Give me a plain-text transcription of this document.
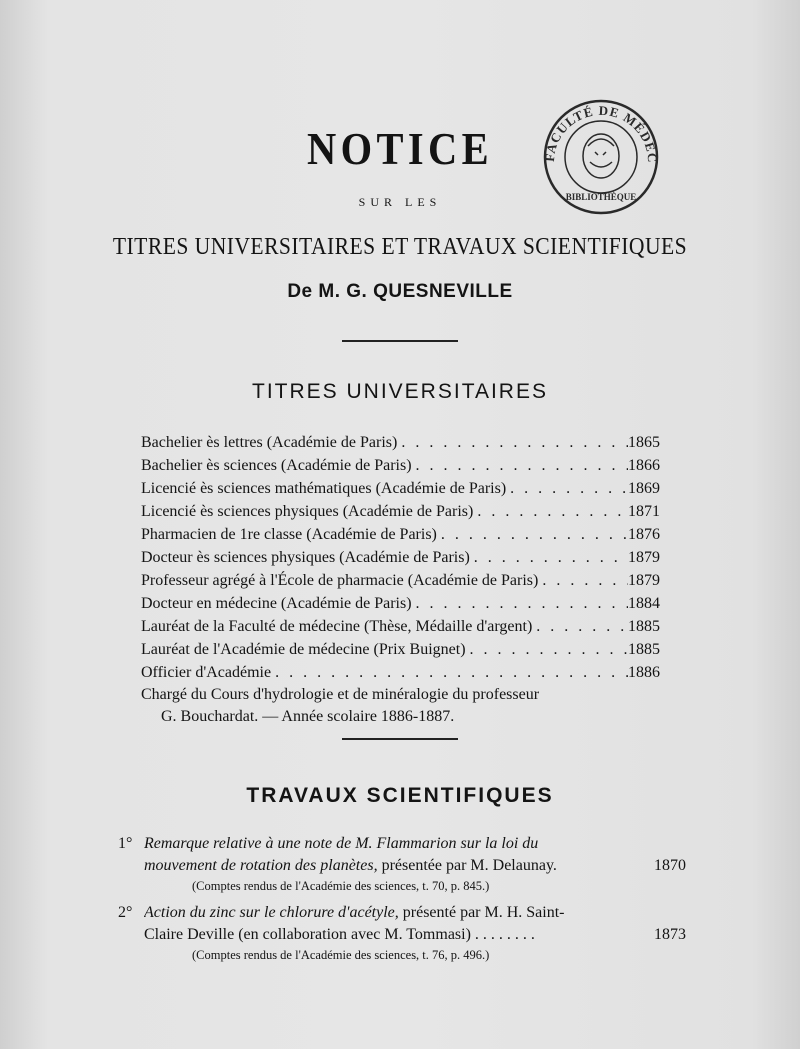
FACULTÉ DE MÉDEC
BIBLIOTHÈQUE
NOTICE
SUR LES
TITRES UNIVERSITAIRES ET TRAVAUX SCIENTIFIQUES
De M. G. QUESNEVILLE
TITRES UNIVERSITAIRES
Bachelier ès lettres (Académie de Paris) . . .	1865
Bachelier ès sciences (Académie de Paris) . . .	1866
Licencié ès sciences mathématiques (Académie de Paris) . . .	1869
Licencié ès sciences physiques (Académie de Paris) . . .	1871
Pharmacien de 1re classe (Académie de Paris) . . .	1876
Docteur ès sciences physiques (Académie de Paris) . . .	1879
Professeur agrégé à l'École de pharmacie (Académie de Paris) . . .	1879
Docteur en médecine (Académie de Paris) . . .	1884
Lauréat de la Faculté de médecine (Thèse, Médaille d'argent) . . .	1885
Lauréat de l'Académie de médecine (Prix Buignet) . . .	1885
Officier d'Académie . . .	1886
Chargé du Cours d'hydrologie et de minéralogie du professeur
G. Bouchardat. — Année scolaire 1886-1887.
TRAVAUX SCIENTIFIQUES
1° Remarque relative à une note de M. Flammarion sur la loi du
mouvement de rotation des planètes, présentée par M. Delaunay.	1870
(Comptes rendus de l'Académie des sciences, t. 70, p. 845.)
2° Action du zinc sur le chlorure d'acétyle, présenté par M. H. Saint-
Claire Deville (en collaboration avec M. Tommasi) . . . . . . . .	1873
(Comptes rendus de l'Académie des sciences, t. 76, p. 496.)
